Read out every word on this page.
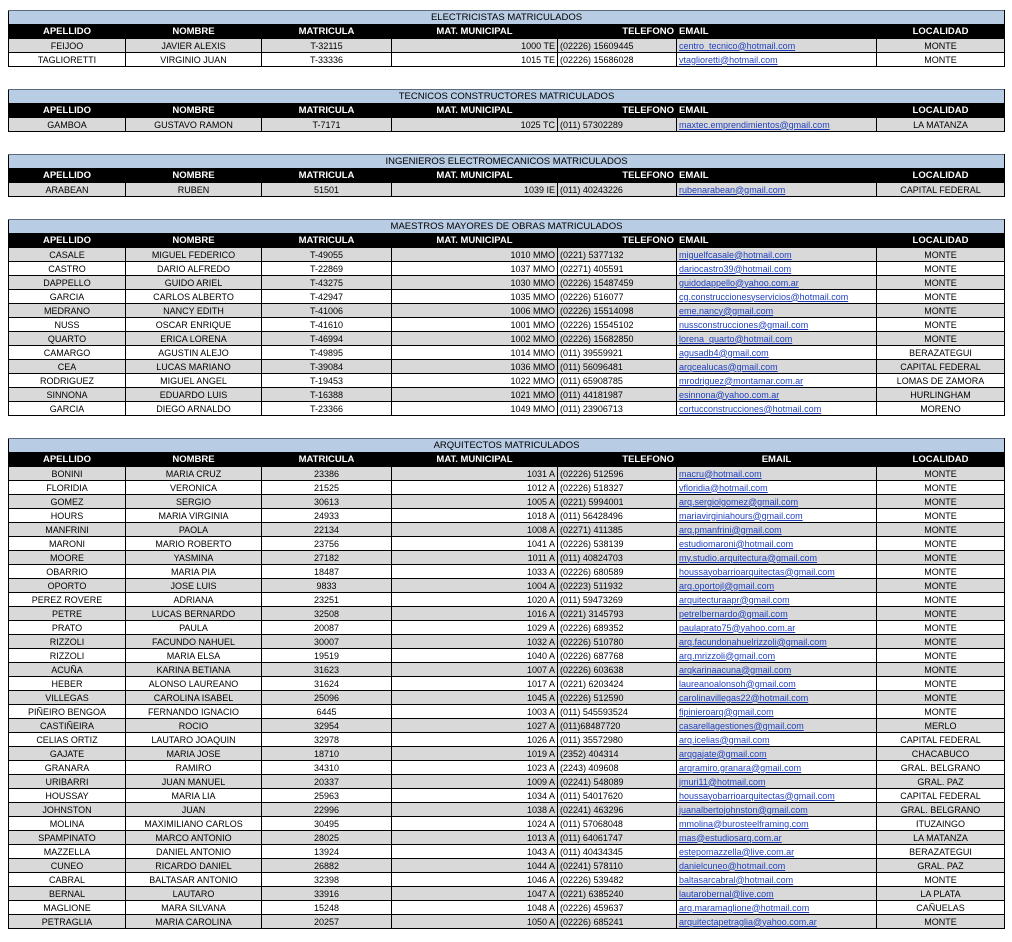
ELECTRICISTAS MATRICULADOS						
APELLIDO	NOMBRE	MATRICULA	MAT. MUNICIPAL	TELEFONO	EMAIL	LOCALIDAD
FEIJOO	JAVIER ALEXIS	T-32115	1000 TE	(02226) 15609445	centro_tecnico@hotmail.com	MONTE
TAGLIORETTI	VIRGINIO JUAN	T-33336	1015 TE	(02226) 15686028	vtaglioretti@hotmail.com	MONTE
TECNICOS CONSTRUCTORES MATRICULADOS						
APELLIDO	NOMBRE	MATRICULA	MAT. MUNICIPAL	TELEFONO	EMAIL	LOCALIDAD
GAMBOA	GUSTAVO RAMON	T-7171	1025 TC	(011) 57302289	maxtec.emprendimientos@gmail.com	LA MATANZA
INGENIEROS ELECTROMECANICOS MATRICULADOS						
APELLIDO	NOMBRE	MATRICULA	MAT. MUNICIPAL	TELEFONO	EMAIL	LOCALIDAD
ARABEAN	RUBEN	51501	1039 IE	(011) 40243226	rubenarabean@gmail.com	CAPITAL FEDERAL
MAESTROS MAYORES DE OBRAS MATRICULADOS						
APELLIDO	NOMBRE	MATRICULA	MAT. MUNICIPAL	TELEFONO	EMAIL	LOCALIDAD
CASALE	MIGUEL FEDERICO	T-49055	1010 MMO	(0221) 5377132	miguelfcasale@hotmail.com	MONTE
CASTRO	DARIO ALFREDO	T-22869	1037 MMO	(02271) 405591	dariocastro39@hotmail.com	MONTE
DAPPELLO	GUIDO ARIEL	T-43275	1030 MMO	(02226) 15487459	guidodappello@yahoo.com.ar	MONTE
GARCIA	CARLOS ALBERTO	T-42947	1035 MMO	(02226) 516077	cg.construccionesyservicios@hotmail.com	MONTE
MEDRANO	NANCY EDITH	T-41006	1006 MMO	(02226) 15514098	eme.nancy@gmail.com	MONTE
NUSS	OSCAR ENRIQUE	T-41610	1001 MMO	(02226) 15545102	nussconstrucciones@gmail.com	MONTE
QUARTO	ERICA LORENA	T-46994	1002 MMO	(02226) 15682850	lorena_quarto@hotmail.com	MONTE
CAMARGO	AGUSTIN ALEJO	T-49895	1014 MMO	(011) 39559921	agusadb4@gmail.com	BERAZATEGUI
CEA	LUCAS MARIANO	T-39084	1036 MMO	(011) 56096481	arqcealucas@gmail.com	CAPITAL FEDERAL
RODRIGUEZ	MIGUEL ANGEL	T-19453	1022 MMO	(011) 65908785	mrodriguez@montamar.com.ar	LOMAS DE ZAMORA
SINNONA	EDUARDO LUIS	T-16388	1021 MMO	(011) 44181987	esinnona@yahoo.com.ar	HURLINGHAM
GARCIA	DIEGO ARNALDO	T-23366	1049 MMO	(011) 23906713	cortucconstrucciones@hotmail.com	MORENO
ARQUITECTOS MATRICULADOS						
APELLIDO	NOMBRE	MATRICULA	MAT. MUNICIPAL	TELEFONO	EMAIL	LOCALIDAD
BONINI	MARIA CRUZ	23386	1031 A	(02226) 512596	macru@hotmail.com	MONTE
FLORIDIA	VERONICA	21525	1012 A	(02226) 518327	vfloridia@hotmail.com	MONTE
GOMEZ	SERGIO	30613	1005 A	(0221) 5994001	arq.sergiolgomez@gmail.com	MONTE
HOURS	MARIA VIRGINIA	24933	1018 A	(011) 56428496	mariavirginiahours@gmail.com	MONTE
MANFRINI	PAOLA	22134	1008 A	(02271) 411385	arq.pmanfrini@gmail.com	MONTE
MARONI	MARIO ROBERTO	23756	1041 A	(02226) 538139	estudiomaroni@hotmail.com	MONTE
MOORE	YASMINA	27182	1011 A	(011) 40824703	my.studio.arquitectura@gmail.com	MONTE
OBARRIO	MARIA PIA	18487	1033 A	(02226) 680589	houssayobarrioarquitectas@gmail.com	MONTE
OPORTO	JOSE LUIS	9833	1004 A	(02223) 511932	arq.oportojl@gmail.com	MONTE
PEREZ ROVERE	ADRIANA	23251	1020 A	(011) 59473269	arquitecturaapr@gmail.com	MONTE
PETRE	LUCAS BERNARDO	32508	1016 A	(0221) 3145793	petrelbernardo@gmail.com	MONTE
PRATO	PAULA	20087	1029 A	(02226) 689352	paulaprato75@yahoo.com.ar	MONTE
RIZZOLI	FACUNDO NAHUEL	30007	1032 A	(02226) 510780	arq.facundonahuelrizzoli@gmail.com	MONTE
RIZZOLI	MARIA ELSA	19519	1040 A	(02226) 687768	arq.mrizzoli@gmail.com	MONTE
ACUÑA	KARINA BETIANA	31623	1007 A	(02226) 603638	arqkarinaacuna@gmail.com	MONTE
HEBER	ALONSO LAUREANO	31624	1017 A	(0221) 6203424	laureanoalonsoh@gmail.com	MONTE
VILLEGAS	CAROLINA ISABEL	25096	1045 A	(02226) 512590	carolinavillegas22@hotmail.com	MONTE
PIÑEIRO BENGOA	FERNANDO IGNACIO	6445	1003 A	(011) 545593524	fipinieroarq@gmail.com	MONTE
CASTIÑEIRA	ROCIO	32954	1027 A	(011)68487720	casarellagestiones@gmail.com	MERLO
CELIAS ORTIZ	LAUTARO JOAQUIN	32978	1026 A	(011) 35572980	arq.icelias@gmail.com	CAPITAL FEDERAL
GAJATE	MARIA JOSE	18710	1019 A	(2352) 404314	arqgajate@gmail.com	CHACABUCO
GRANARA	RAMIRO	34310	1023 A	(2243) 409608	arqramiro.granara@gmail.com	GRAL. BELGRANO
URIBARRI	JUAN MANUEL	20337	1009 A	(02241) 548089	jmuri11@hotmail.com	GRAL. PAZ
HOUSSAY	MARIA LIA	25963	1034 A	(011) 54017620	houssayobarrioarquitectas@gmail.com	CAPITAL FEDERAL
JOHNSTON	JUAN	22996	1038 A	(02241) 463296	juanalbertojohnston@gmail.com	GRAL. BELGRANO
MOLINA	MAXIMILIANO CARLOS	30495	1024 A	(011) 57068048	mmolina@burosteelframing.com	ITUZAINGO
SPAMPINATO	MARCO ANTONIO	28025	1013 A	(011) 64061747	mas@estudiosarq.com.ar	LA MATANZA
MAZZELLA	DANIEL ANTONIO	13924	1043 A	(011) 40434345	estepomazzella@live.com.ar	BERAZATEGUI
CUNEO	RICARDO DANIEL	26882	1044 A	(02241) 578110	danielcuneo@hotmail.com	GRAL. PAZ
CABRAL	BALTASAR ANTONIO	32398	1046 A	(02226) 539482	baltasarcabral@hotmail.com	MONTE
BERNAL	LAUTARO	33916	1047 A	(0221) 6385240	lautarobernal@live.com	LA PLATA
MAGLIONE	MARA SILVANA	15248	1048 A	(02226) 459637	arq.maramaglione@hotmail.com	CAÑUELAS
PETRAGLIA	MARIA CAROLINA	20257	1050 A	(02226) 685241	arquitectapetraglia@yahoo.com.ar	MONTE
